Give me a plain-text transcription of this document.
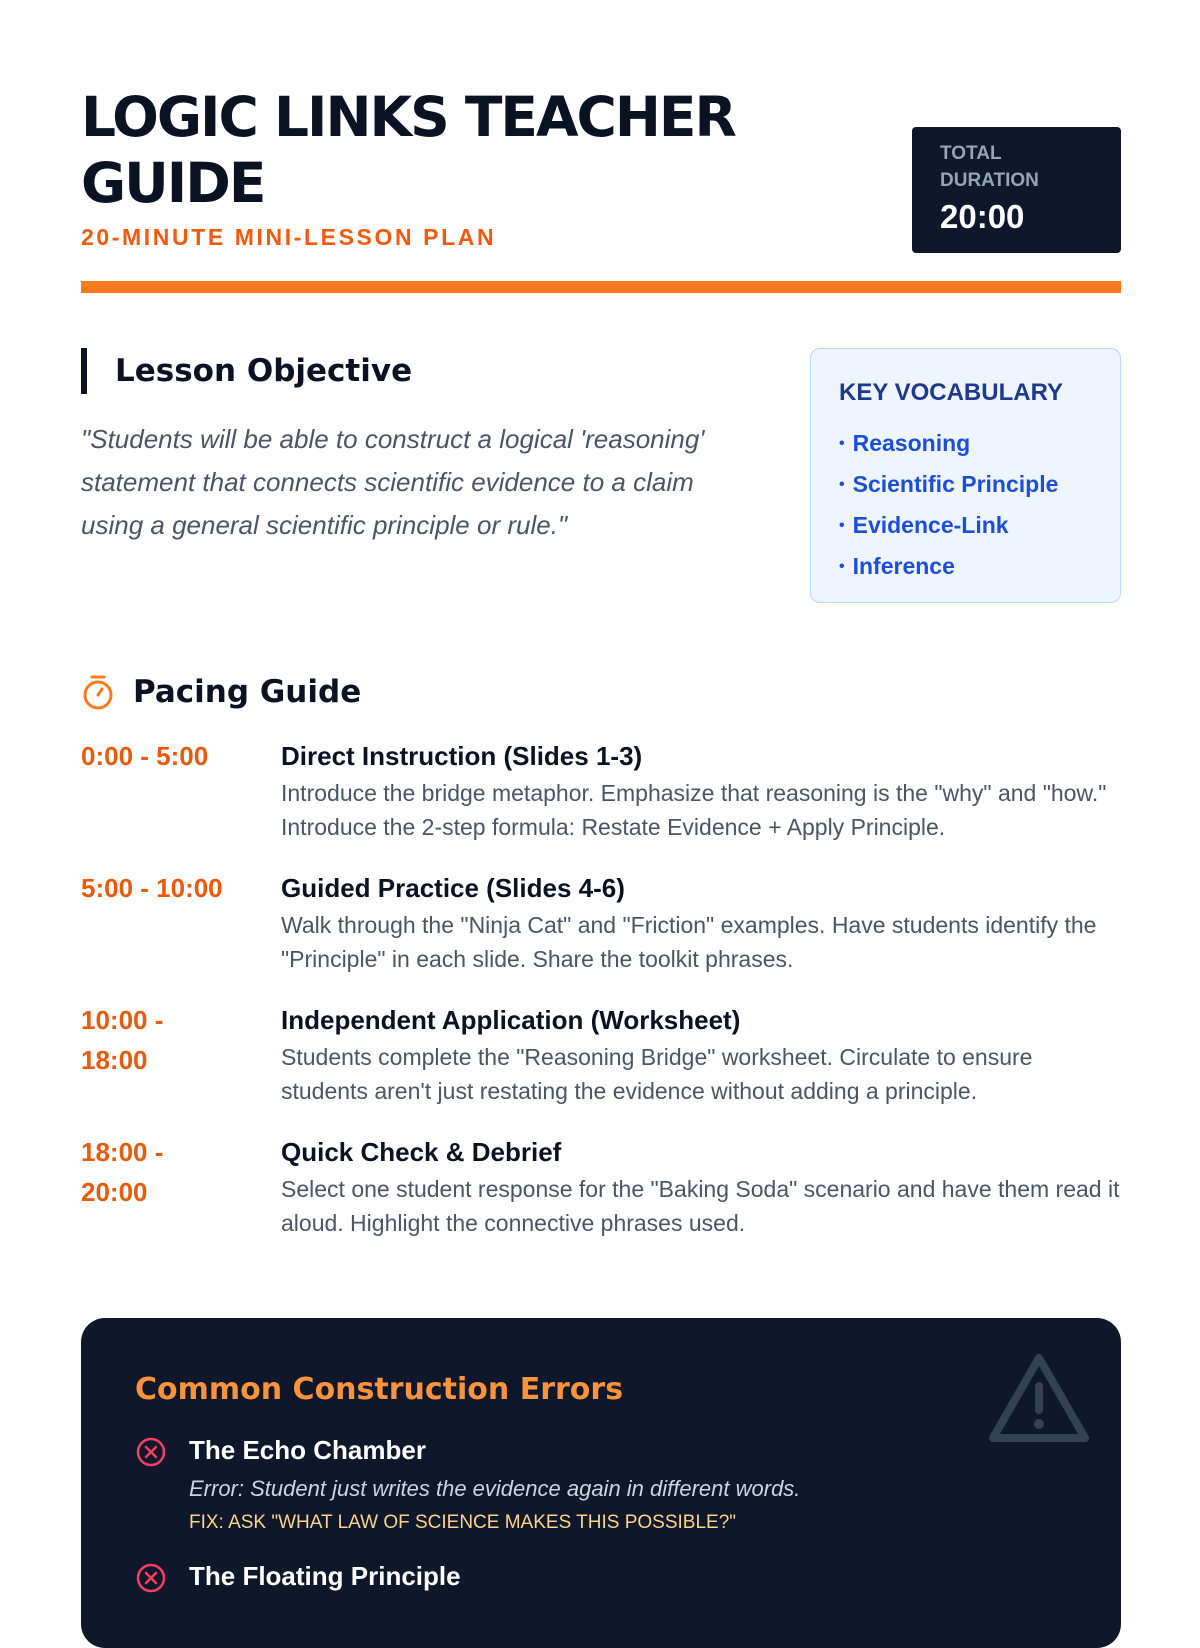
LOGIC LINKS TEACHER GUIDE
20-MINUTE MINI-LESSON PLAN
TOTAL DURATION
20:00
Lesson Objective
"Students will be able to construct a logical 'reasoning' statement that connects scientific evidence to a claim using a general scientific principle or rule."
KEY VOCABULARY
• Reasoning
• Scientific Principle
• Evidence-Link
• Inference
Pacing Guide
0:00 - 5:00	Direct Instruction (Slides 1-3)
Introduce the bridge metaphor. Emphasize that reasoning is the "why" and "how." Introduce the 2-step formula: Restate Evidence + Apply Principle.
5:00 - 10:00	Guided Practice (Slides 4-6)
Walk through the "Ninja Cat" and "Friction" examples. Have students identify the "Principle" in each slide. Share the toolkit phrases.
10:00 - 18:00
Independent Application (Worksheet)
Students complete the "Reasoning Bridge" worksheet. Circulate to ensure students aren't just restating the evidence without adding a principle.
18:00 - 20:00
Quick Check & Debrief
Select one student response for the "Baking Soda" scenario and have them read it aloud. Highlight the connective phrases used.
Common Construction Errors
The Echo Chamber
Error: Student just writes the evidence again in different words.
FIX: ASK "WHAT LAW OF SCIENCE MAKES THIS POSSIBLE?"
The Floating Principle
